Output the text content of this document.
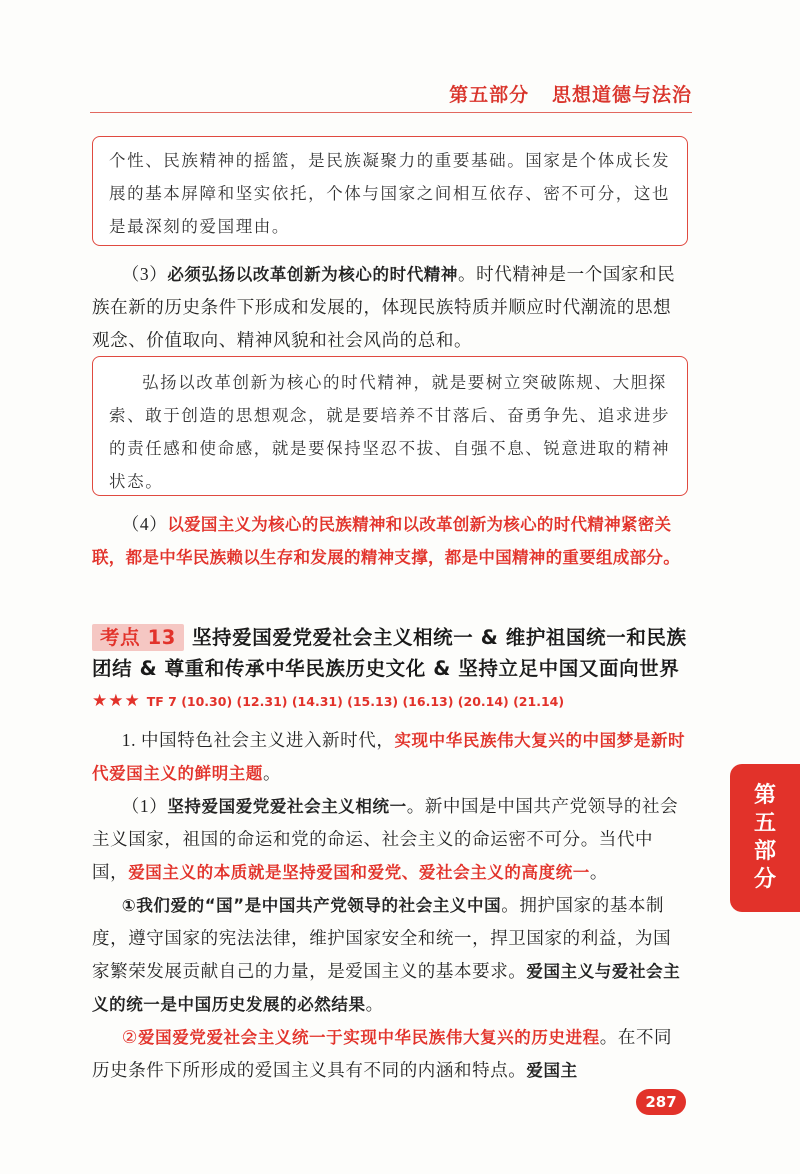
第五部分   思想道德与法治

个性、民族精神的摇篮，是民族凝聚力的重要基础。国家是个体成长发展的基本屏障和坚实依托，个体与国家之间相互依存、密不可分，这也是最深刻的爱国理由。

（3）必须弘扬以改革创新为核心的时代精神。时代精神是一个国家和民族在新的历史条件下形成和发展的，体现民族特质并顺应时代潮流的思想观念、价值取向、精神风貌和社会风尚的总和。

弘扬以改革创新为核心的时代精神，就是要树立突破陈规、大胆探索、敢于创造的思想观念，就是要培养不甘落后、奋勇争先、追求进步的责任感和使命感，就是要保持坚忍不拔、自强不息、锐意进取的精神状态。

（4）以爱国主义为核心的民族精神和以改革创新为核心的时代精神紧密关联，都是中华民族赖以生存和发展的精神支撑，都是中国精神的重要组成部分。

考点 13 坚持爱国爱党爱社会主义相统一 & 维护祖国统一和民族团结 & 尊重和传承中华民族历史文化 & 坚持立足中国又面向世界★★★ TF 7 (10.30) (12.31) (14.31) (15.13) (16.13) (20.14) (21.14)

1. 中国特色社会主义进入新时代，实现中华民族伟大复兴的中国梦是新时代爱国主义的鲜明主题。

（1）坚持爱国爱党爱社会主义相统一。新中国是中国共产党领导的社会主义国家，祖国的命运和党的命运、社会主义的命运密不可分。当代中国，爱国主义的本质就是坚持爱国和爱党、爱社会主义的高度统一。

①我们爱的“国”是中国共产党领导的社会主义中国。拥护国家的基本制度，遵守国家的宪法法律，维护国家安全和统一，捍卫国家的利益，为国家繁荣发展贡献自己的力量，是爱国主义的基本要求。爱国主义与爱社会主义的统一是中国历史发展的必然结果。

②爱国爱党爱社会主义统一于实现中华民族伟大复兴的历史进程。在不同历史条件下所形成的爱国主义具有不同的内涵和特点。爱国主

第
五
部
分
287
